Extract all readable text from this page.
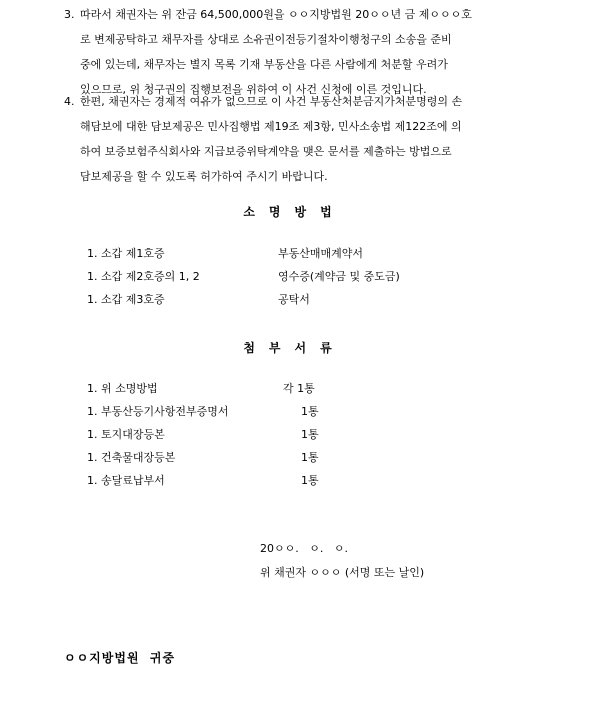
3. 따라서 채권자는 위 잔금 64,500,000원을 ㅇㅇ지방법원 20ㅇㅇ년 금 제ㅇㅇㅇ호
로 변제공탁하고 채무자를 상대로 소유권이전등기절차이행청구의 소송을 준비
중에 있는데, 채무자는 별지 목록 기재 부동산을 다른 사람에게 처분할 우려가
있으므로, 위 청구권의 집행보전을 위하여 이 사건 신청에 이른 것입니다.
4. 한편, 채권자는 경제적 여유가 없으므로 이 사건 부동산처분금지가처분명령의 손
해담보에 대한 담보제공은 민사집행법 제19조 제3항, 민사소송법 제122조에 의
하여 보증보험주식회사와 지급보증위탁계약을 맺은 문서를 제출하는 방법으로
담보제공을 할 수 있도록 허가하여 주시기 바랍니다.
소명방법
1. 소갑 제1호증	부동산매매계약서
1. 소갑 제2호증의 1, 2	영수증(계약금 및 중도금)
1. 소갑 제3호증	공탁서
첨부서류
1. 위 소명방법	각 1통
1. 부동산등기사항전부증명서	1통
1. 토지대장등본	1통
1. 건축물대장등본	1통
1. 송달료납부서	1통
20ㅇㅇ.   ㅇ.   ㅇ.
위 채권자 ㅇㅇㅇ (서명 또는 날인)
ㅇㅇ지방법원  귀중
